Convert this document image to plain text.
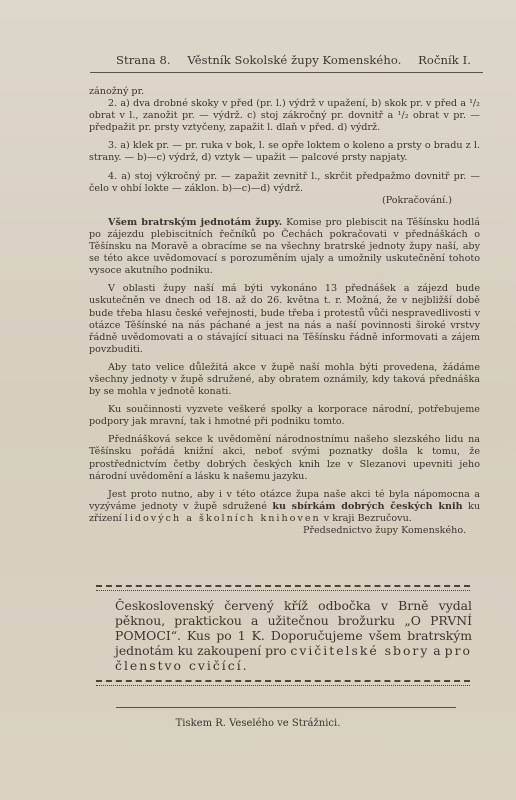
Strana 8. Věstník Sokolské župy Komenského. Ročník I.

zánožný pr.

2. a) dva drobné skoky v před (pr. l.) výdrž v upažení, b) skok pr. v před a ¹/₂ obrat v l., zanožit pr. — výdrž. c) stoj zákročný pr. dovnitř a ¹/₂ obrat v pr. — předpažit pr. prsty vztyčeny, zapažit l. dlaň v před. d) výdrž.

3. a) klek pr. — pr. ruka v bok, l. se opře loktem o koleno a prsty o bradu z l. strany. — b)—c) výdrž, d) vztyk — upažit — palcové prsty napjaty.

4. a) stoj výkročný pr. — zapažit zevnitř l., skrčit předpažmo dovnitř pr. — čelo v ohbí lokte — záklon. b)—c)—d) výdrž.

(Pokračování.)

Všem bratrským jednotám župy. Komise pro plebiscit na Těšínsku hodlá po zájezdu plebiscitních řečníků po Čechách pokračovati v přednáškách o Těšínsku na Moravě a obracíme se na všechny bratrské jednoty župy naší, aby se této akce uvědomovací s porozuměním ujaly a umožnily uskutečnění tohoto vysoce akutního podniku.

V oblasti župy naší má býti vykonáno 13 přednášek a zájezd bude uskutečněn ve dnech od 18. až do 26. května t. r. Možná, že v nejbližší době bude třeba hlasu české veřejnosti, bude třeba i protestů vůči nespravedlivosti v otázce Těšínské na nás páchané a jest na nás a naší povinnosti široké vrstvy řádně uvědomovati a o stávající situaci na Těšínsku řádně informovati a zájem povzbuditi.

Aby tato velice důležitá akce v župě naší mohla býti provedena, žádáme všechny jednoty v župě sdružené, aby obratem oznámily, kdy taková přednáška by se mohla v jednotě konati.

Ku součinnosti vyzvete veškeré spolky a korporace národní, potřebujeme podpory jak mravní, tak i hmotné při podniku tomto.

Přednášková sekce k uvědomění národnostnímu našeho slezského lidu na Těšínsku pořádá knižní akci, neboť svými poznatky došla k tomu, že prostřednictvím četby dobrých českých knih lze v Slezanovi upevniti jeho národní uvědomění a lásku k našemu jazyku.

Jest proto nutno, aby i v této otázce župa naše akci té byla nápomocna a vyzýváme jednoty v župě sdružené ku sbírkám dobrých českých knih ku zřízení lidových a školních knihoven v kraji Bezručovu.

Předsednictvo župy Komenského.

Československý červený kříž odbočka v Brně vydal pěknou, praktickou a užitečnou brožurku „O PRVNÍ POMOCI“. Kus po 1 K. Doporučujeme všem bratrským jednotám ku zakoupení pro cvičitelské sbory a pro členstvo cvičící.
Tiskem R. Veselého ve Strážnici.
